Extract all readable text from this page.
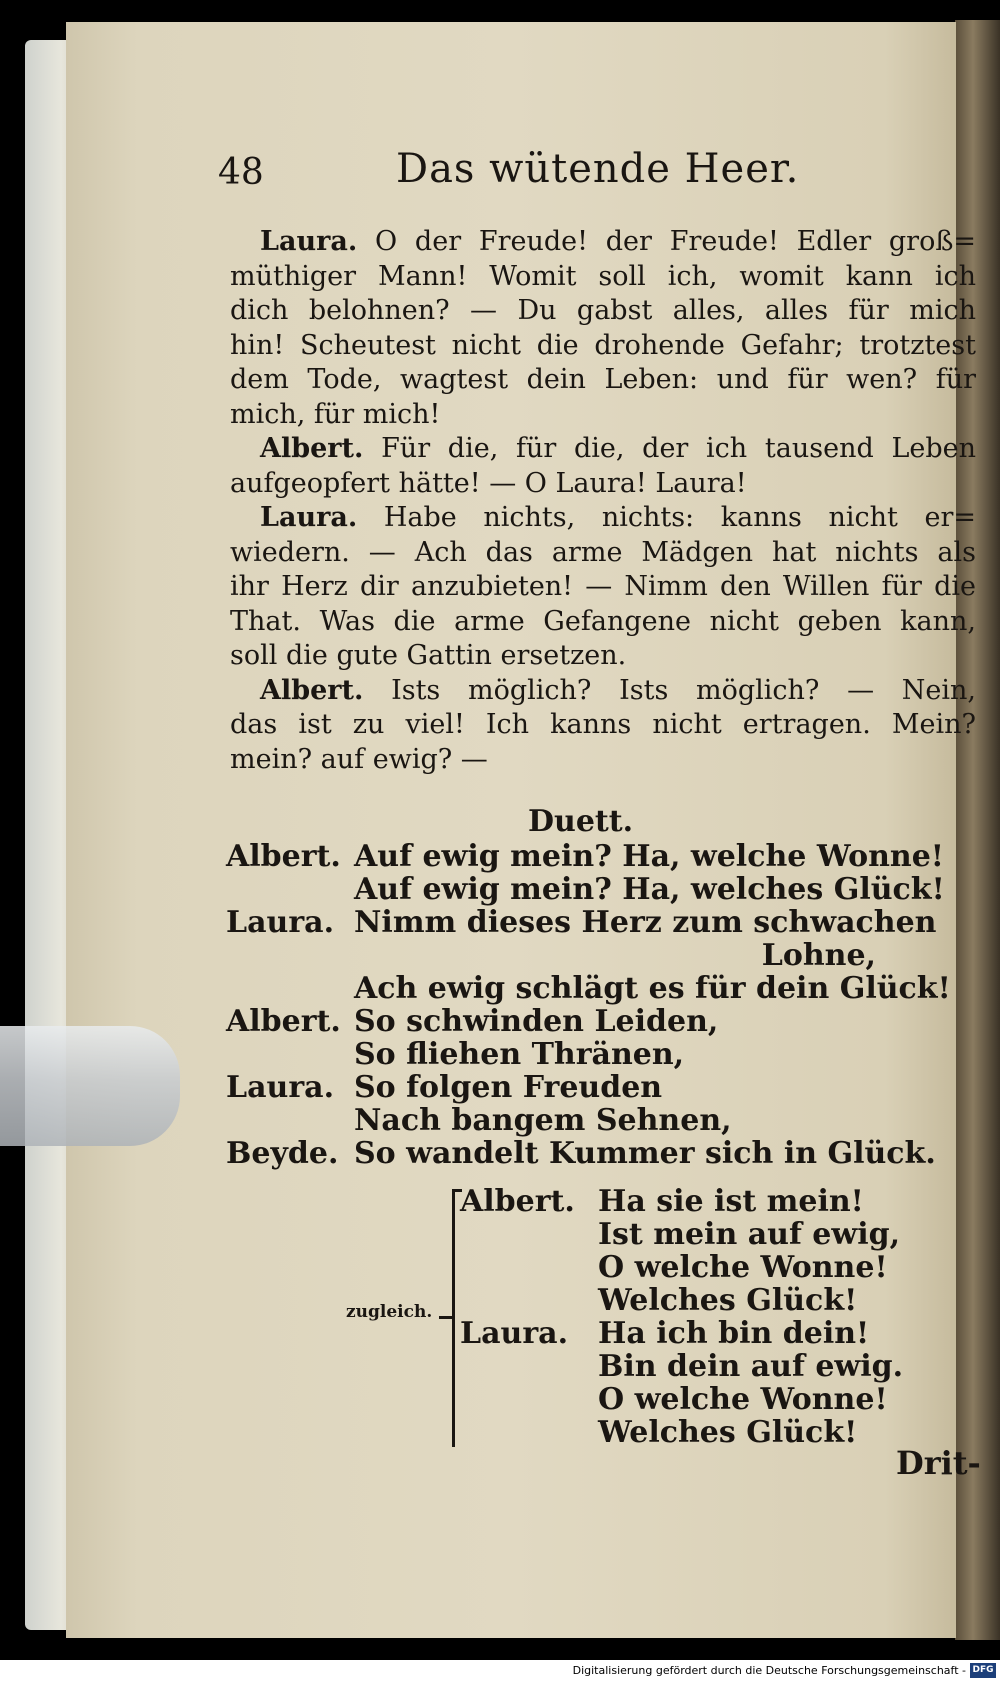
48	Das wütende Heer.

Laura. O der Freude! der Freude! Edler groß=
müthiger Mann! Womit soll ich, womit kann ich
dich belohnen? — Du gabst alles, alles für mich
hin! Scheutest nicht die drohende Gefahr; trotztest
dem Tode, wagtest dein Leben: und für wen? für
mich, für mich!

Albert. Für die, für die, der ich tausend Leben
aufgeopfert hätte! — O Laura! Laura!

Laura. Habe nichts, nichts: kanns nicht er=
wiedern. — Ach das arme Mädgen hat nichts als
ihr Herz dir anzubieten! — Nimm den Willen für die
That. Was die arme Gefangene nicht geben kann,
soll die gute Gattin ersetzen.

Albert. Ists möglich? Ists möglich? — Nein,
das ist zu viel! Ich kanns nicht ertragen. Mein?
mein? auf ewig? —

Duett.
Albert. Auf ewig mein? Ha, welche Wonne!
Auf ewig mein? Ha, welches Glück!
Laura. Nimm dieses Herz zum schwachen
Lohne,
Ach ewig schlägt es für dein Glück!
Albert. So schwinden Leiden,
So fliehen Thränen,
Laura. So folgen Freuden
Nach bangem Sehnen,
Beyde. So wandelt Kummer sich in Glück.
zugleich.
Albert. Ha sie ist mein!
Ist mein auf ewig,
O welche Wonne!
Welches Glück!
Laura. Ha ich bin dein!
Bin dein auf ewig.
O welche Wonne!
Welches Glück!
Drit-
Digitalisierung gefördert durch die Deutsche Forschungsgemeinschaft - DFG
